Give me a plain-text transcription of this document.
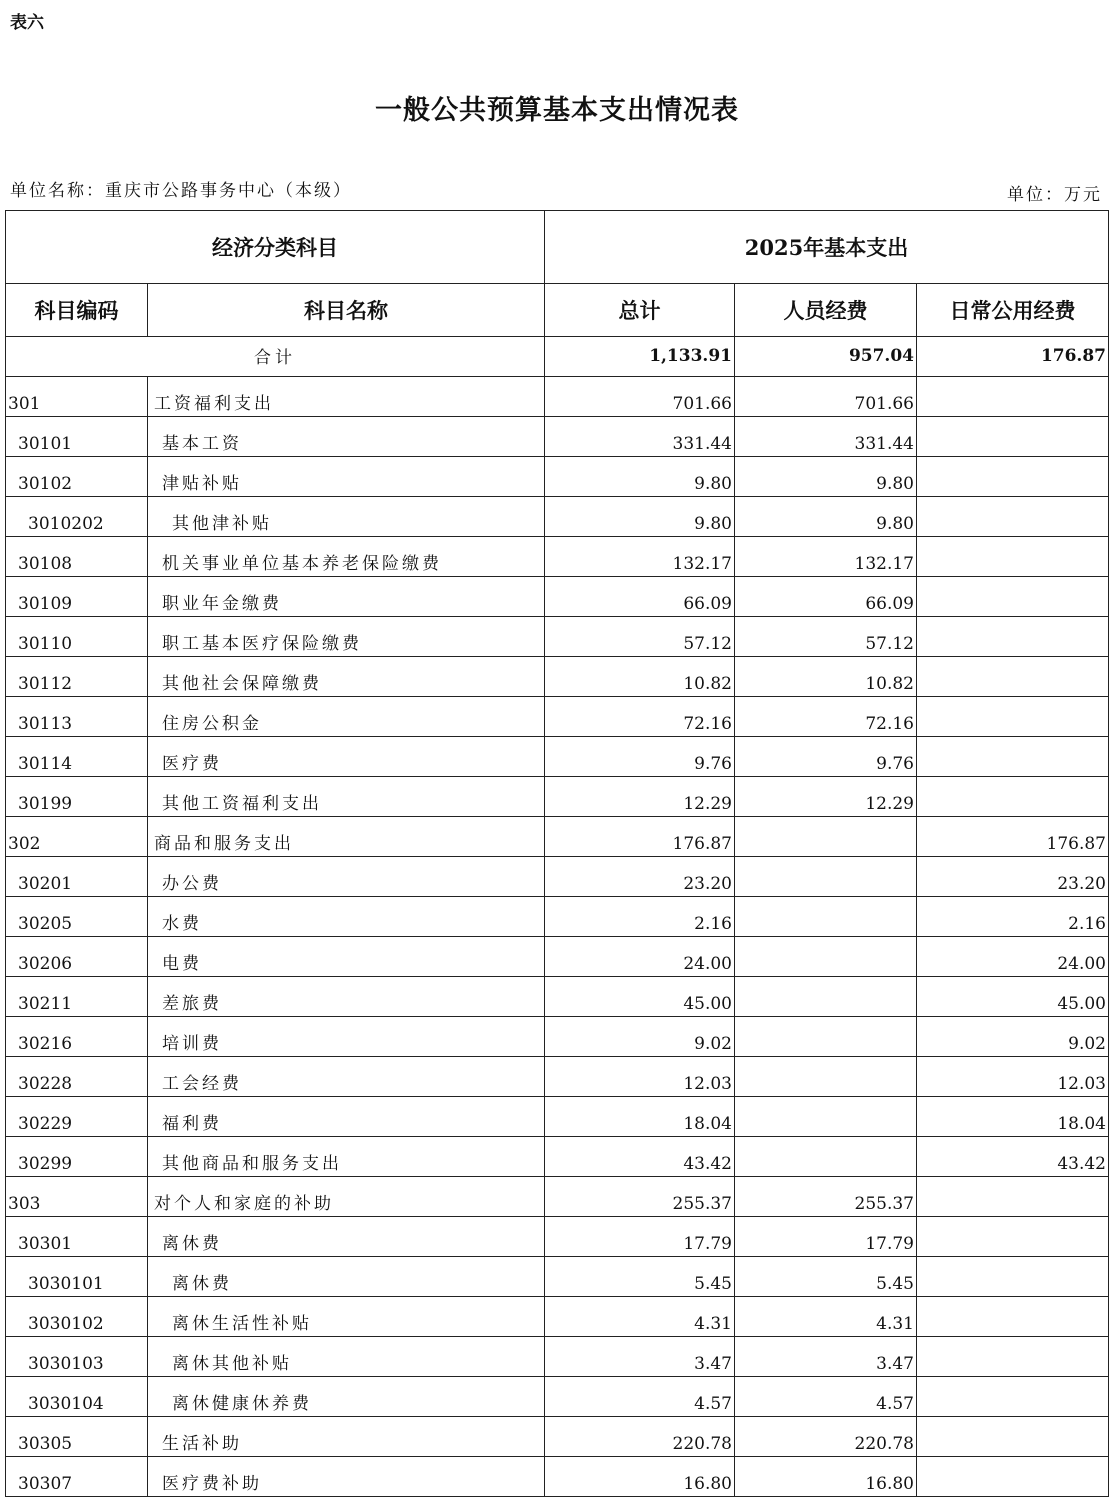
表六
一般公共预算基本支出情况表
单位名称：重庆市公路事务中心（本级）	单位：万元
经济分类科目		2025年基本支出		
科目编码	科目名称	总计	人员经费	日常公用经费
合计		1,133.91	957.04	176.87
301	工资福利支出	701.66	701.66	
30101	基本工资	331.44	331.44	
30102	津贴补贴	9.80	9.80	
3010202	其他津补贴	9.80	9.80	
30108	机关事业单位基本养老保险缴费	132.17	132.17	
30109	职业年金缴费	66.09	66.09	
30110	职工基本医疗保险缴费	57.12	57.12	
30112	其他社会保障缴费	10.82	10.82	
30113	住房公积金	72.16	72.16	
30114	医疗费	9.76	9.76	
30199	其他工资福利支出	12.29	12.29	
302	商品和服务支出	176.87		176.87
30201	办公费	23.20		23.20
30205	水费	2.16		2.16
30206	电费	24.00		24.00
30211	差旅费	45.00		45.00
30216	培训费	9.02		9.02
30228	工会经费	12.03		12.03
30229	福利费	18.04		18.04
30299	其他商品和服务支出	43.42		43.42
303	对个人和家庭的补助	255.37	255.37	
30301	离休费	17.79	17.79	
3030101	离休费	5.45	5.45	
3030102	离休生活性补贴	4.31	4.31	
3030103	离休其他补贴	3.47	3.47	
3030104	离休健康休养费	4.57	4.57	
30305	生活补助	220.78	220.78	
30307	医疗费补助	16.80	16.80	
